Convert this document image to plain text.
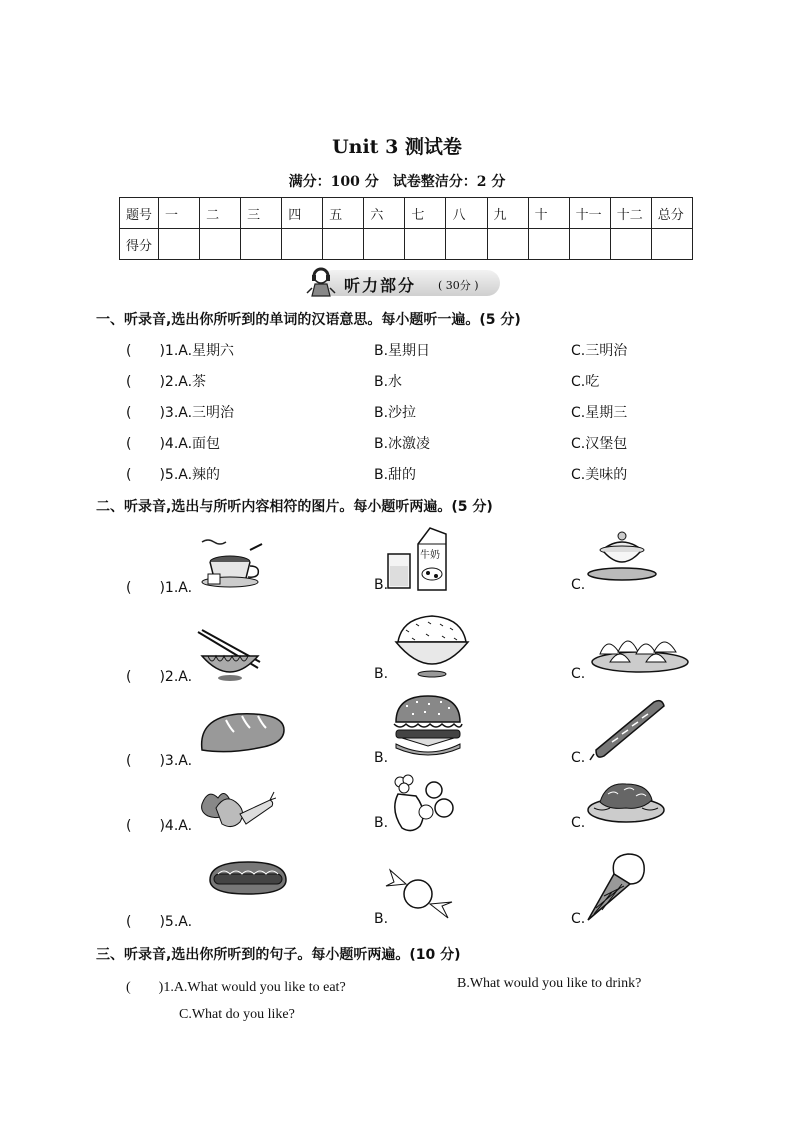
Unit 3 测试卷
满分：100 分　试卷整洁分：2 分
题号	一	二	三	四	五	六	七	八	九	十	十一	十二	总分
得分													
听力部分 ( 30分 )
一、听录音,选出你所听到的单词的汉语意思。每小题听一遍。(5 分)
(　　)1.A.星期六	B.星期日	C.三明治
(　　)2.A.茶	B.水	C.吃
(　　)3.A.三明治	B.沙拉	C.星期三
(　　)4.A.面包	B.冰激凌	C.汉堡包
(　　)5.A.辣的	B.甜的	C.美味的
二、听录音,选出与所听内容相符的图片。每小题听两遍。(5 分)
(　　)1.A.	B.	C.
牛奶
(　　)2.A.	B.	C.
(　　)3.A.	B.	C.
(　　)4.A.	B.	C.
(　　)5.A.	B.	C.
三、听录音,选出你所听到的句子。每小题听两遍。(10 分)
(　　)1.A.What would you like to eat?	B.What would you like to drink?
C.What do you like?
